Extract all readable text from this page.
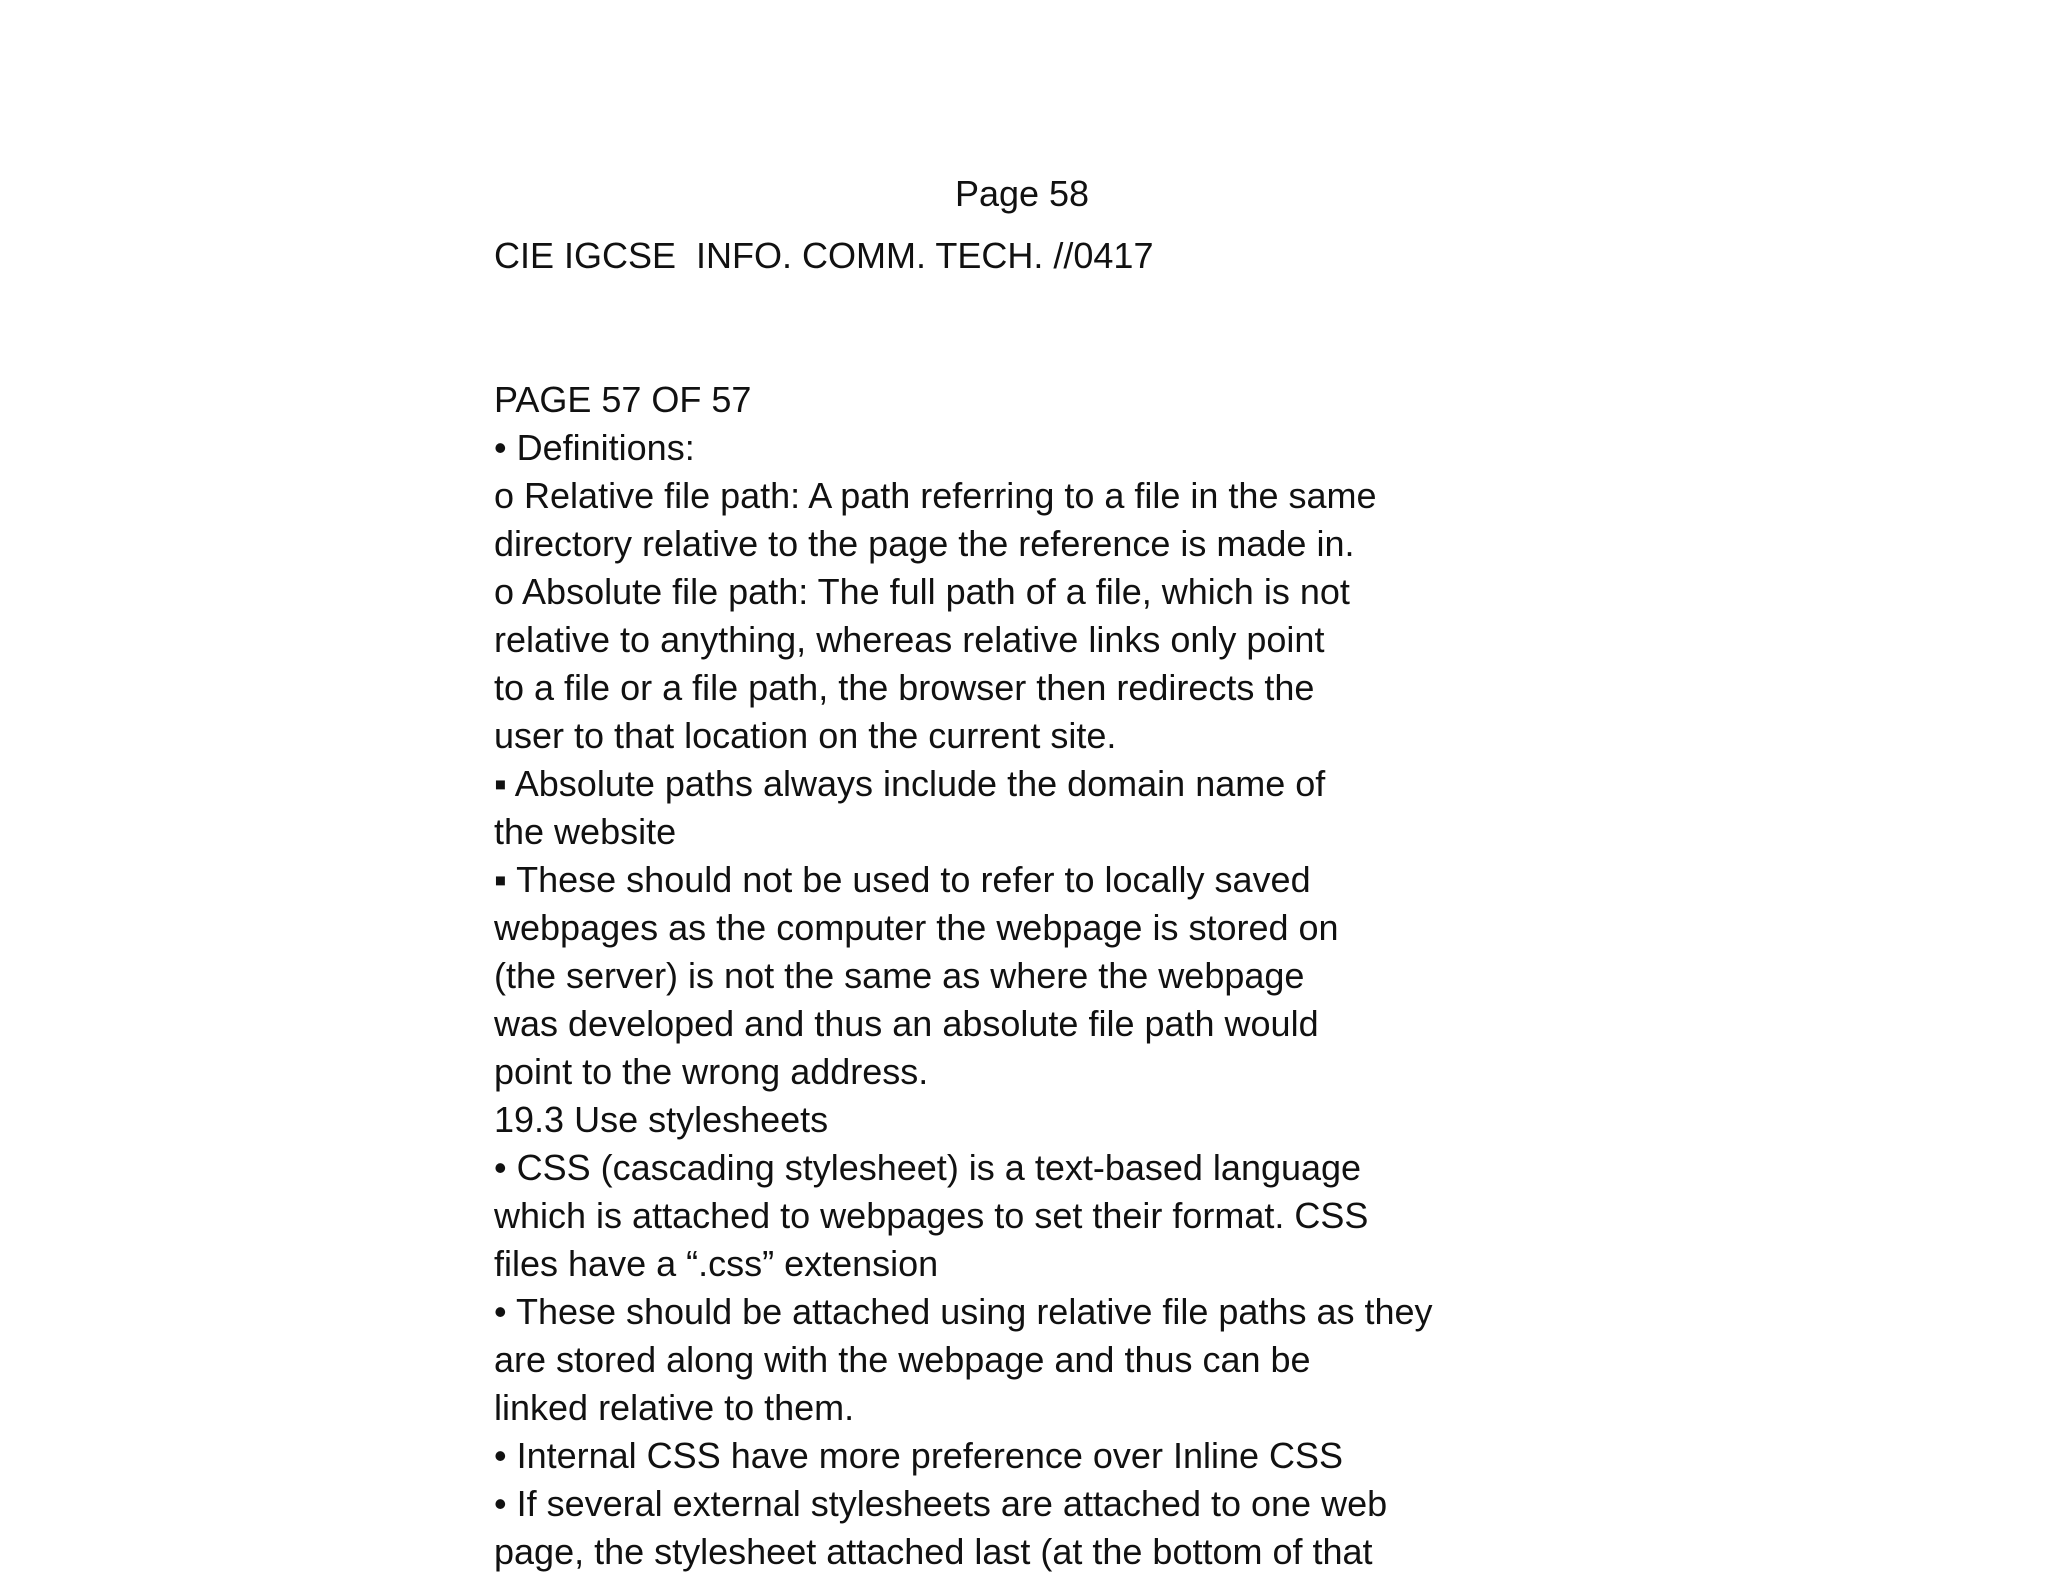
Page 58
CIE IGCSE  INFO. COMM. TECH. //0417
PAGE 57 OF 57
• Definitions:
o Relative file path: A path referring to a file in the same
directory relative to the page the reference is made in.
o Absolute file path: The full path of a file, which is not
relative to anything, whereas relative links only point
to a file or a file path, the browser then redirects the
user to that location on the current site.
▪ Absolute paths always include the domain name of
the website
▪ These should not be used to refer to locally saved
webpages as the computer the webpage is stored on
(the server) is not the same as where the webpage
was developed and thus an absolute file path would
point to the wrong address.
19.3 Use stylesheets
• CSS (cascading stylesheet) is a text-based language
which is attached to webpages to set their format. CSS
files have a “.css” extension
• These should be attached using relative file paths as they
are stored along with the webpage and thus can be
linked relative to them.
• Internal CSS have more preference over Inline CSS
• If several external stylesheets are attached to one web
page, the stylesheet attached last (at the bottom of that
